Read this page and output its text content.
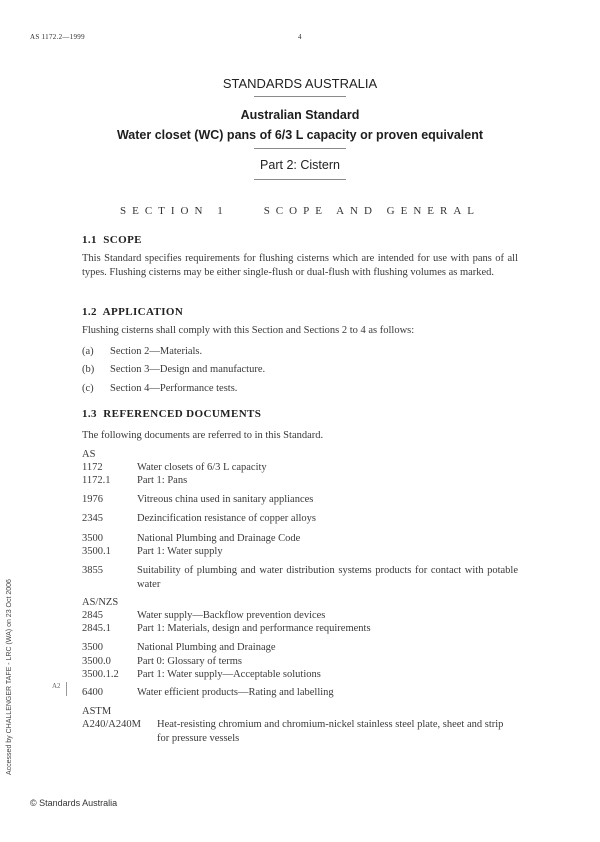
AS 1172.2—1999	4
STANDARDS AUSTRALIA
Australian Standard
Water closet (WC) pans of 6/3 L capacity or proven equivalent
Part 2: Cistern
SECTION 1    SCOPE AND GENERAL
1.1  SCOPE
This Standard specifies requirements for flushing cisterns which are intended for use with pans of all types. Flushing cisterns may be either single-flush or dual-flush with flushing volumes as marked.
1.2  APPLICATION
Flushing cisterns shall comply with this Section and Sections 2 to 4 as follows:
(a) Section 2—Materials.
(b) Section 3—Design and manufacture.
(c) Section 4—Performance tests.
1.3  REFERENCED DOCUMENTS
The following documents are referred to in this Standard.
AS
1172	Water closets of 6/3 L capacity
1172.1	Part 1: Pans
1976	Vitreous china used in sanitary appliances
2345	Dezincification resistance of copper alloys
3500	National Plumbing and Drainage Code
3500.1 Part 1: Water supply
3855	Suitability of plumbing and water distribution systems products for contact with potable water
AS/NZS
2845	Water supply—Backflow prevention devices
2845.1 Part 1: Materials, design and performance requirements
3500	National Plumbing and Drainage
3500.0 Part 0: Glossary of terms
3500.1.2 Part 1: Water supply—Acceptable solutions
6400	Water efficient products—Rating and labelling
ASTM
A240/A240M Heat-resisting chromium and chromium-nickel stainless steel plate, sheet and strip for pressure vessels
A2
Accessed by CHALLENGER TAFE - LRC (WA) on 23 Oct 2006
© Standards Australia
